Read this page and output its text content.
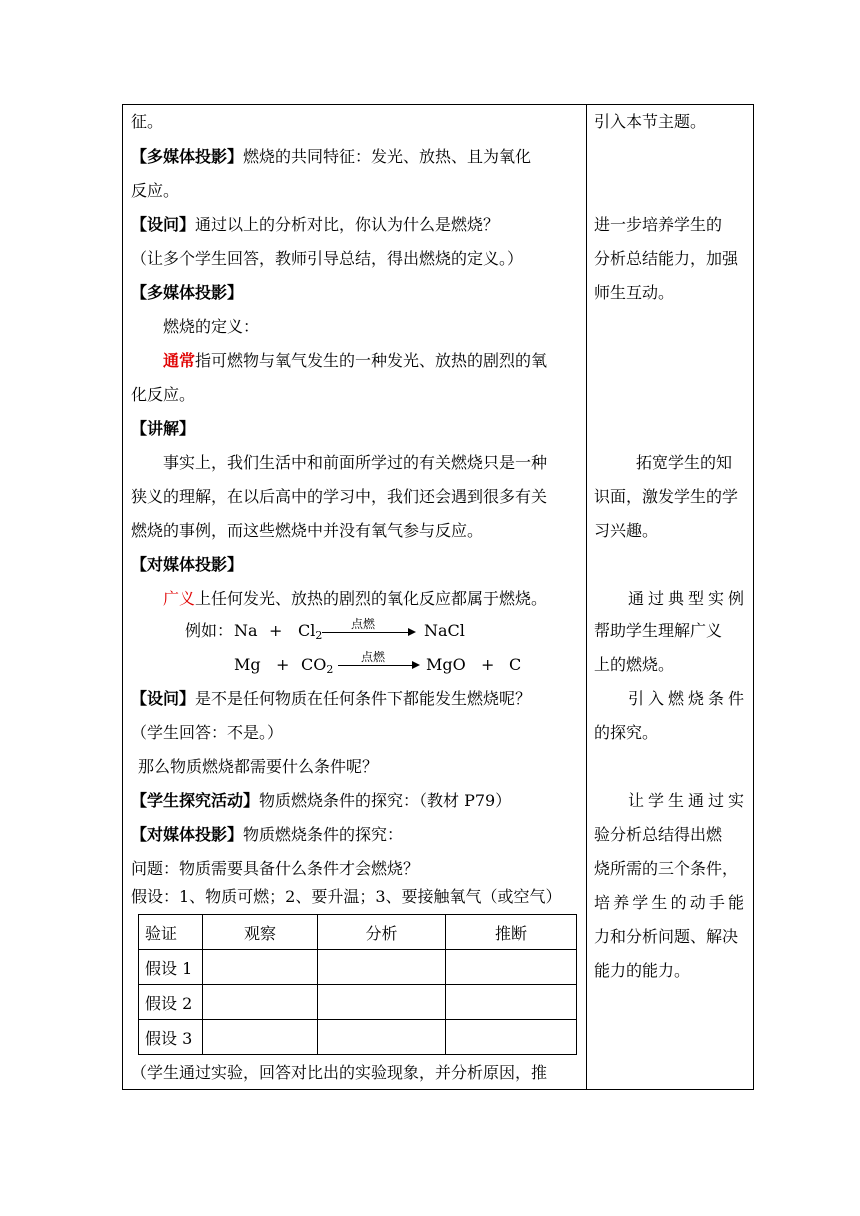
征。
【多媒体投影】燃烧的共同特征：发光、放热、且为氧化
反应。
【设问】通过以上的分析对比，你认为什么是燃烧？
（让多个学生回答，教师引导总结，得出燃烧的定义。）
【多媒体投影】
燃烧的定义：
通常指可燃物与氧气发生的一种发光、放热的剧烈的氧
化反应。
【讲解】
事实上，我们生活中和前面所学过的有关燃烧只是一种
狭义的理解，在以后高中的学习中，我们还会遇到很多有关
燃烧的事例，而这些燃烧中并没有氧气参与反应。
【对媒体投影】
广义上任何发光、放热的剧烈的氧化反应都属于燃烧。
例如： $Na + Cl_2$
点燃	NaCl
$Mg + CO_2$
点燃	MgO + C
【设问】是不是任何物质在任何条件下都能发生燃烧呢？
（学生回答：不是。）
那么物质燃烧都需要什么条件呢？
【学生探究活动】物质燃烧条件的探究：（教材 P79）
【对媒体投影】物质燃烧条件的探究：
问题：物质需要具备什么条件才会燃烧？
假设：1、物质可燃；2、要升温；3、要接触氧气（或空气）
验证	观察	分析	推断
假设 1			
假设 2			
假设 3			
（学生通过实验，回答对比出的实验现象，并分析原因，推
引入本节主题。
进一步培养学生的
分析总结能力，加强
师生互动。
拓宽学生的知
识面，激发学生的学
习兴趣。
通过典型实例
帮助学生理解广义
上的燃烧。
引入燃烧条件
的探究。
让学生通过实
验分析总结得出燃
烧所需的三个条件，
培养学生的动手能
力和分析问题、解决
能力的能力。
